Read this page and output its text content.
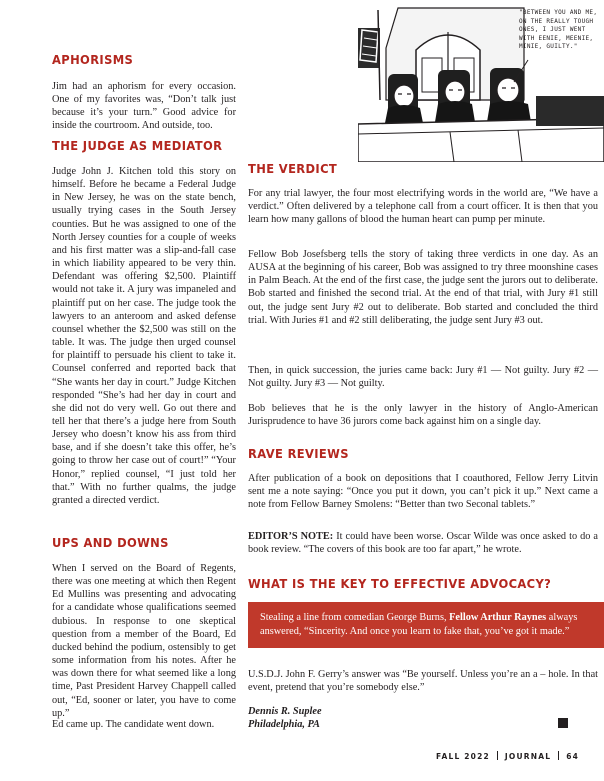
"BETWEEN YOU AND ME, ON THE REALLY TOUGH ONES, I JUST WENT WITH EENIE, MEENIE, MINIE, GUILTY."
APHORISMS

Jim had an aphorism for every occasion. One of my favorites was, “Don’t talk just because it’s your turn.” Good advice for inside the courtroom. And outside, too.

THE JUDGE AS MEDIATOR

Judge John J. Kitchen told this story on himself. Before he became a Federal Judge in New Jersey, he was on the state bench, usually trying cases in the South Jersey counties. But he was assigned to one of the North Jersey counties for a couple of weeks and his first matter was a slip-and-fall case in which liability appeared to be very thin. Defendant was offering $2,500. Plaintiff would not take it. A jury was impaneled and plaintiff put on her case. The judge took the lawyers to an anteroom and asked defense counsel whether the $2,500 was still on the table. It was. The judge then urged counsel for plaintiff to persuade his client to take it. Counsel conferred and reported back that “She wants her day in court.” Judge Kitchen responded “She’s had her day in court and she did not do very well. Go out there and tell her that there’s a judge here from South Jersey who doesn’t know his ass from third base, and if she doesn’t take this offer, he’s going to throw her case out of court!” “Your Honor,” replied counsel, “I just told her that.” With no further qualms, the judge granted a directed verdict.

UPS AND DOWNS

When I served on the Board of Regents, there was one meeting at which then Regent Ed Mullins was presenting and advocating for a candidate whose qualifications seemed dubious. In response to one skeptical question from a member of the Board, Ed ducked behind the podium, ostensibly to get some information from his notes. After he was down there for what seemed like a long time, Past President Harvey Chappell called out, “Ed, sooner or later, you have to come up.”

Ed came up. The candidate went down.

THE VERDICT

For any trial lawyer, the four most electrifying words in the world are, “We have a verdict.” Often delivered by a telephone call from a court officer. It is then that you learn how many gallons of blood the human heart can pump per minute.

Fellow Bob Josefsberg tells the story of taking three verdicts in one day. As an AUSA at the beginning of his career, Bob was assigned to try three moonshine cases in Palm Beach. At the end of the first case, the judge sent the jurors out to deliberate. Bob started and finished the second trial. At the end of that trial, with Jury #1 still out, the judge sent Jury #2 out to deliberate. Bob started and concluded the third trial. With Juries #1 and #2 still deliberating, the judge sent Jury #3 out.

Then, in quick succession, the juries came back: Jury #1 — Not guilty. Jury #2 — Not guilty. Jury #3 — Not guilty.

Bob believes that he is the only lawyer in the history of Anglo-American Jurisprudence to have 36 jurors come back against him on a single day.

RAVE REVIEWS

After publication of a book on depositions that I coauthored, Fellow Jerry Litvin sent me a note saying: “Once you put it down, you can’t pick it up.” Next came a note from Fellow Barney Smolens: “Better than two Seconal tablets.”

EDITOR’S NOTE: It could have been worse. Oscar Wilde was once asked to do a book review. “The covers of this book are too far apart,” he wrote.

WHAT IS THE KEY TO EFFECTIVE ADVOCACY?
Stealing a line from comedian George Burns, Fellow Arthur Raynes always answered, “Sincerity. And once you learn to fake that, you’ve got it made.”

U.S.D.J. John F. Gerry’s answer was “Be yourself. Unless you’re an a – hole. In that event, pretend that you’re somebody else.”

Dennis R. Suplee
Philadelphia, PA
FALL 2022 JOURNAL 64
